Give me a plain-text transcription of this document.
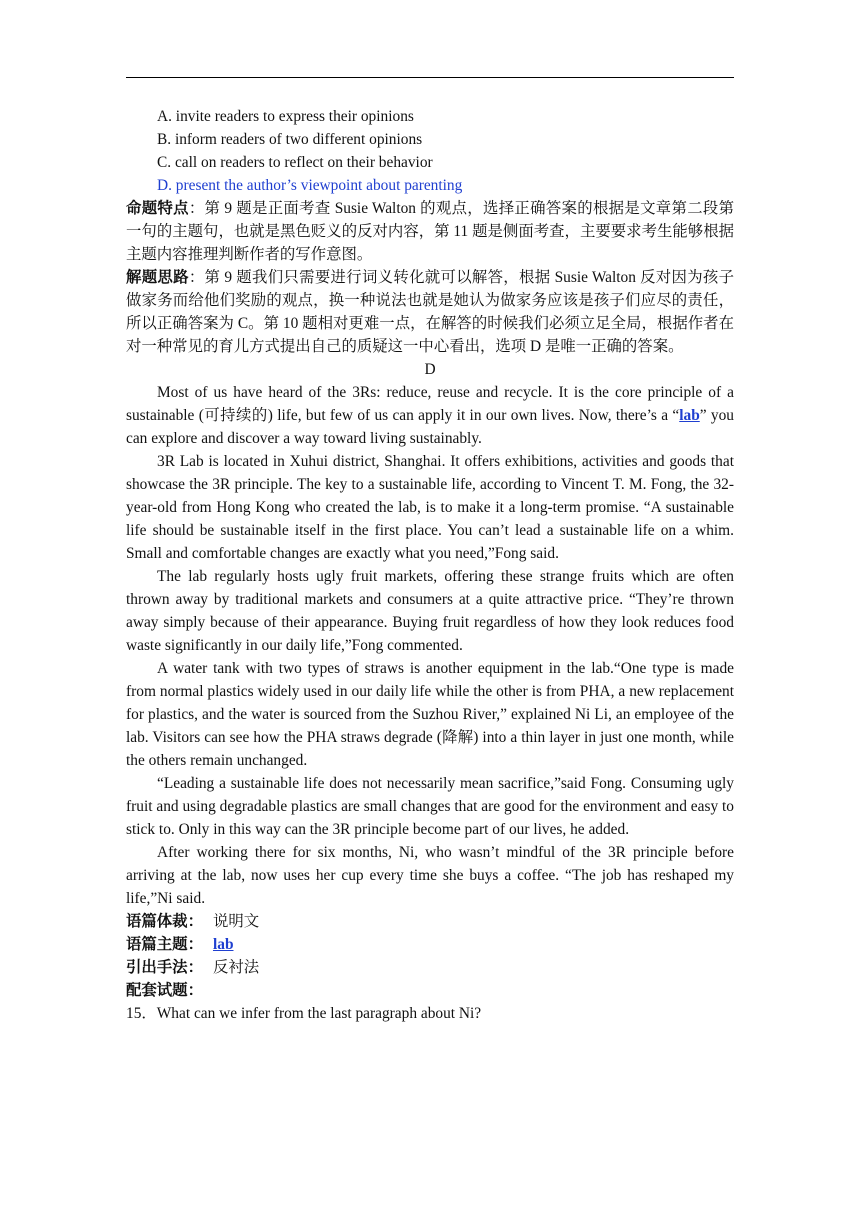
A. invite readers to express their opinions
B. inform readers of two different opinions
C. call on readers to reflect on their behavior
D. present the author’s viewpoint about parenting
命题特点：第 9 题是正面考查 Susie Walton 的观点，选择正确答案的根据是文章第二段第一句的主题句，也就是黑色贬义的反对内容，第 11 题是侧面考查，主要要求考生能够根据主题内容推理判断作者的写作意图。
解题思路：第 9 题我们只需要进行词义转化就可以解答，根据 Susie Walton 反对因为孩子做家务而给他们奖励的观点，换一种说法也就是她认为做家务应该是孩子们应尽的责任，所以正确答案为 C。第 10 题相对更难一点，在解答的时候我们必须立足全局，根据作者在对一种常见的育儿方式提出自己的质疑这一中心看出，选项 D 是唯一正确的答案。
D
Most of us have heard of the 3Rs: reduce, reuse and recycle. It is the core principle of a sustainable (可持续的) life, but few of us can apply it in our own lives. Now, there’s a “lab” you can explore and discover a way toward living sustainably.
3R Lab is located in Xuhui district, Shanghai. It offers exhibitions, activities and goods that showcase the 3R principle. The key to a sustainable life, according to Vincent T. M. Fong, the 32-year-old from Hong Kong who created the lab, is to make it a long-term promise. “A sustainable life should be sustainable itself in the first place. You can’t lead a sustainable life on a whim. Small and comfortable changes are exactly what you need,”Fong said.
The lab regularly hosts ugly fruit markets, offering these strange fruits which are often thrown away by traditional markets and consumers at a quite attractive price. “They’re thrown away simply because of their appearance. Buying fruit regardless of how they look reduces food waste significantly in our daily life,”Fong commented.
A water tank with two types of straws is another equipment in the lab.“One type is made from normal plastics widely used in our daily life while the other is from PHA, a new replacement for plastics, and the water is sourced from the Suzhou River,” explained Ni Li, an employee of the lab. Visitors can see how the PHA straws degrade (降解) into a thin layer in just one month, while the others remain unchanged.
“Leading a sustainable life does not necessarily mean sacrifice,”said Fong. Consuming ugly fruit and using degradable plastics are small changes that are good for the environment and easy to stick to. Only in this way can the 3R principle become part of our lives, he added.
After working there for six months, Ni, who wasn’t mindful of the 3R principle before arriving at the lab, now uses her cup every time she buys a coffee. “The job has reshaped my life,”Ni said.
语篇体裁： 说明文
语篇主题： lab
引出手法： 反衬法
配套试题：
15．What can we infer from the last paragraph about Ni?
